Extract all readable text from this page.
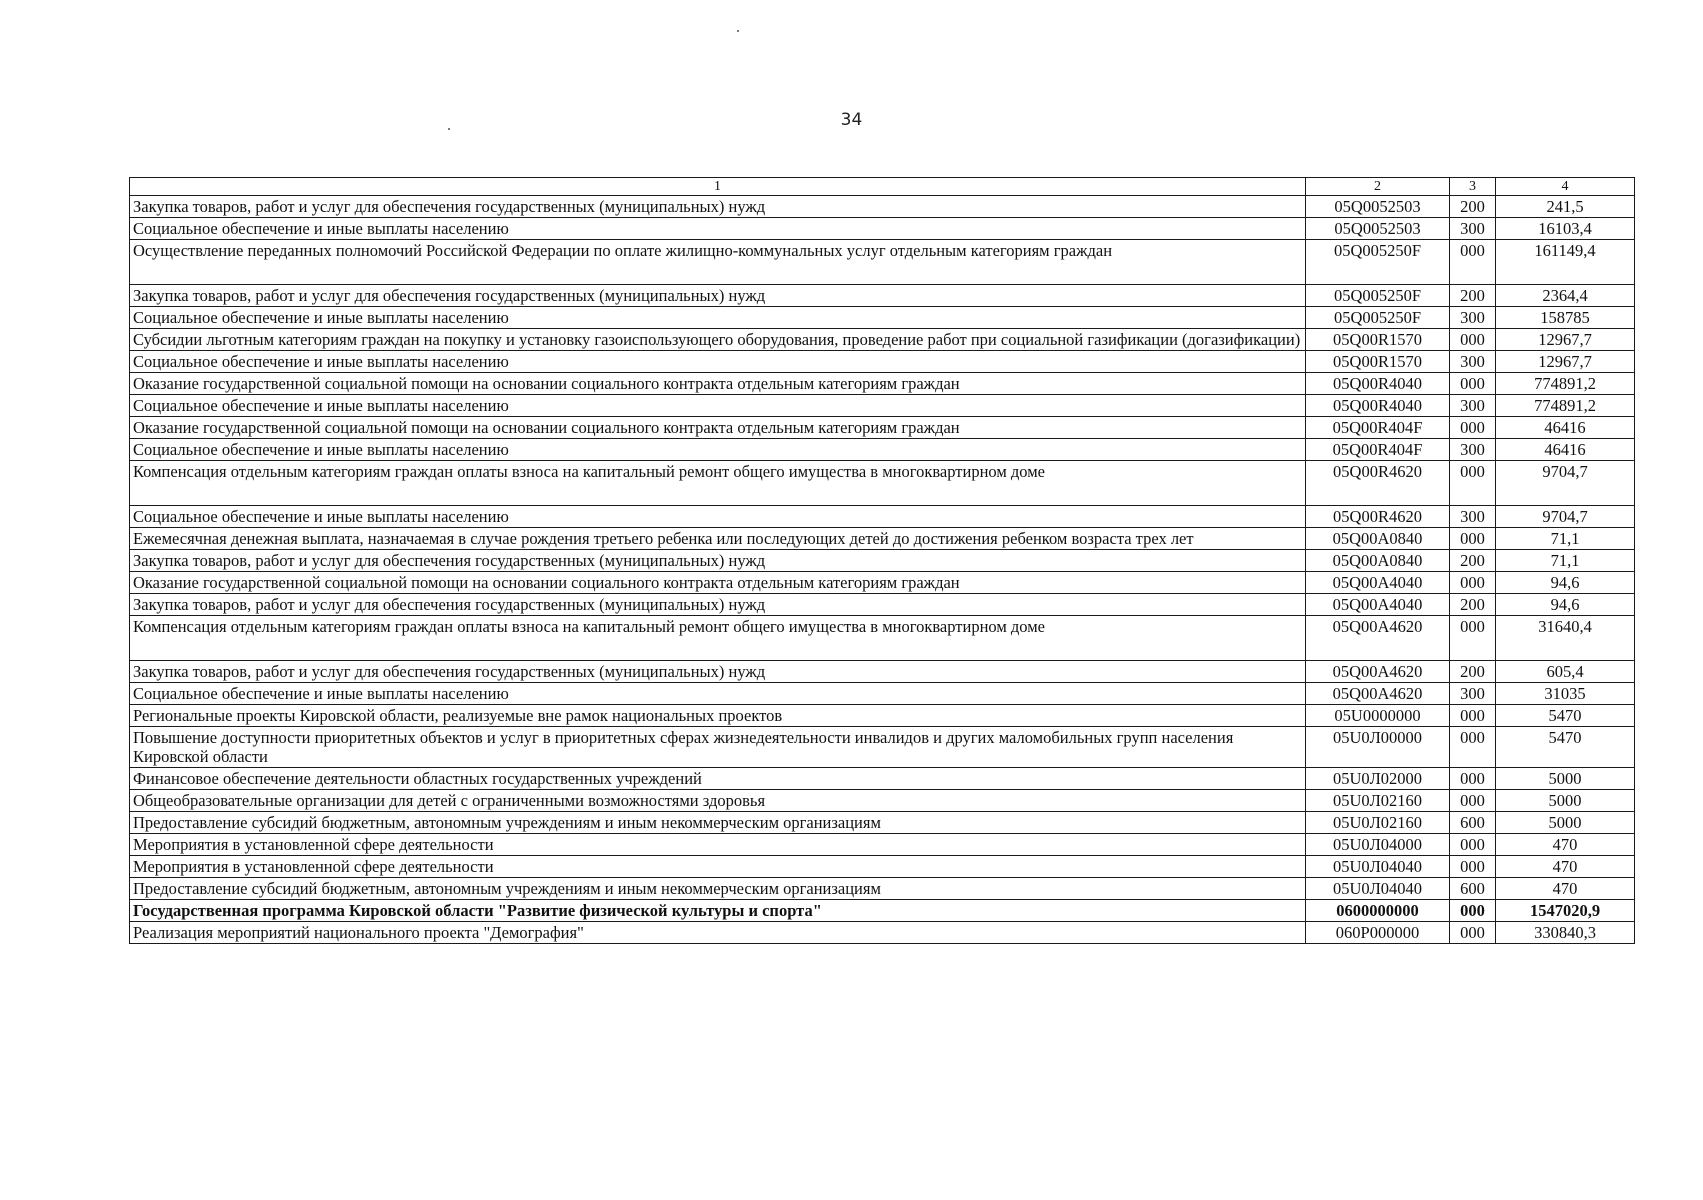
34
1	2	3	4
Закупка товаров, работ и услуг для обеспечения государственных (муниципальных) нужд	05Q0052503	200	241,5
Социальное обеспечение и иные выплаты населению	05Q0052503	300	16103,4
Осуществление переданных полномочий Российской Федерации по оплате жилищно-коммунальных услуг отдельным категориям граждан	05Q005250F	000	161149,4
Закупка товаров, работ и услуг для обеспечения государственных (муниципальных) нужд	05Q005250F	200	2364,4
Социальное обеспечение и иные выплаты населению	05Q005250F	300	158785
Субсидии льготным категориям граждан на покупку и установку газоиспользующего оборудования, проведение работ при социальной газификации (догазификации)	05Q00R1570	000	12967,7
Социальное обеспечение и иные выплаты населению	05Q00R1570	300	12967,7
Оказание государственной социальной помощи на основании социального контракта отдельным категориям граждан	05Q00R4040	000	774891,2
Социальное обеспечение и иные выплаты населению	05Q00R4040	300	774891,2
Оказание государственной социальной помощи на основании социального контракта отдельным категориям граждан	05Q00R404F	000	46416
Социальное обеспечение и иные выплаты населению	05Q00R404F	300	46416
Компенсация отдельным категориям граждан оплаты взноса на капитальный ремонт общего имущества в многоквартирном доме	05Q00R4620	000	9704,7
Социальное обеспечение и иные выплаты населению	05Q00R4620	300	9704,7
Ежемесячная денежная выплата, назначаемая в случае рождения третьего ребенка или последующих детей до достижения ребенком возраста трех лет	05Q00A0840	000	71,1
Закупка товаров, работ и услуг для обеспечения государственных (муниципальных) нужд	05Q00A0840	200	71,1
Оказание государственной социальной помощи на основании социального контракта отдельным категориям граждан	05Q00A4040	000	94,6
Закупка товаров, работ и услуг для обеспечения государственных (муниципальных) нужд	05Q00A4040	200	94,6
Компенсация отдельным категориям граждан оплаты взноса на капитальный ремонт общего имущества в многоквартирном доме	05Q00A4620	000	31640,4
Закупка товаров, работ и услуг для обеспечения государственных (муниципальных) нужд	05Q00A4620	200	605,4
Социальное обеспечение и иные выплаты населению	05Q00A4620	300	31035
Региональные проекты Кировской области, реализуемые вне рамок национальных проектов	05U0000000	000	5470
Повышение доступности приоритетных объектов и услуг в приоритетных сферах жизнедеятельности инвалидов и других маломобильных групп населения Кировской области	05U0Л00000	000	5470
Финансовое обеспечение деятельности областных государственных учреждений	05U0Л02000	000	5000
Общеобразовательные организации для детей с ограниченными возможностями здоровья	05U0Л02160	000	5000
Предоставление субсидий бюджетным, автономным учреждениям и иным некоммерческим организациям	05U0Л02160	600	5000
Мероприятия в установленной сфере деятельности	05U0Л04000	000	470
Мероприятия в установленной сфере деятельности	05U0Л04040	000	470
Предоставление субсидий бюджетным, автономным учреждениям и иным некоммерческим организациям	05U0Л04040	600	470
Государственная программа Кировской области "Развитие физической культуры и спорта"	0600000000	000	1547020,9
Реализация мероприятий национального проекта "Демография"	060P000000	000	330840,3
